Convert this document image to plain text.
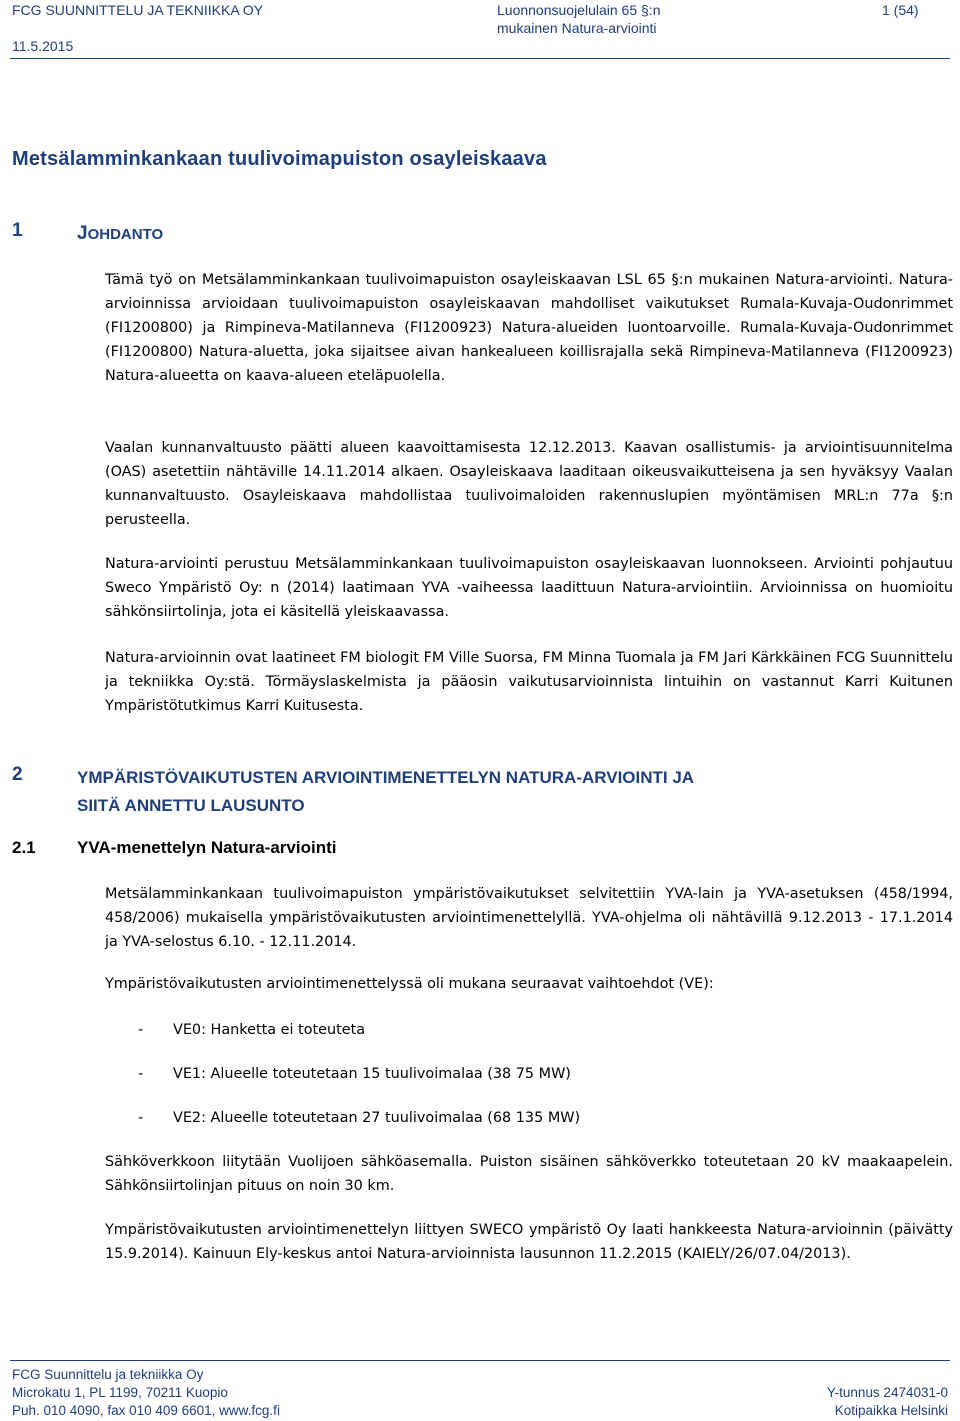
FCG SUUNNITTELU JA TEKNIIKKA OY
11.5.2015
Luonnonsuojelulain 65 §:n
mukainen Natura-arviointi
1 (54)
Metsälamminkankaan tuulivoimapuiston osayleiskaava
1	JOHDANTO
Tämä työ on Metsälamminkankaan tuulivoimapuiston osayleiskaavan LSL 65 §:n mukainen Natura-arviointi. Natura-arvioinnissa arvioidaan tuulivoimapuiston osayleiskaavan mahdolliset vaikutukset Rumala-Kuvaja-Oudonrimmet (FI1200800) ja Rimpineva-Matilanneva (FI1200923) Natura-alueiden luontoarvoille. Rumala-Kuvaja-Oudonrimmet (FI1200800) Natura-aluetta, joka sijaitsee aivan hankealueen koillisrajalla sekä Rimpineva-Matilanneva (FI1200923) Natura-alueetta on kaava-alueen eteläpuolella.
Vaalan kunnanvaltuusto päätti alueen kaavoittamisesta 12.12.2013. Kaavan osallistumis- ja arviointisuunnitelma (OAS) asetettiin nähtäville 14.11.2014 alkaen. Osayleiskaava laaditaan oikeusvaikutteisena ja sen hyväksyy Vaalan kunnanvaltuusto. Osayleiskaava mahdollistaa tuulivoimaloiden rakennuslupien myöntämisen MRL:n 77a §:n perusteella.
Natura-arviointi perustuu Metsälamminkankaan tuulivoimapuiston osayleiskaavan luonnokseen. Arviointi pohjautuu Sweco Ympäristö Oy: n (2014) laatimaan YVA -vaiheessa laadittuun Natura-arviointiin. Arvioinnissa on huomioitu sähkönsiirtolinja, jota ei käsitellä yleiskaavassa.
Natura-arvioinnin ovat laatineet FM biologit FM Ville Suorsa, FM Minna Tuomala ja FM Jari Kärkkäinen FCG Suunnittelu ja tekniikka Oy:stä. Törmäyslaskelmista ja pääosin vaikutusarvioinnista lintuihin on vastannut Karri Kuitunen Ympäristötutkimus Karri Kuitusesta.
2	YMPÄRISTÖVAIKUTUSTEN ARVIOINTIMENETTELYN NATURA-ARVIOINTI JA
SIITÄ ANNETTU LAUSUNTO
2.1 YVA-menettelyn Natura-arviointi
Metsälamminkankaan tuulivoimapuiston ympäristövaikutukset selvitettiin YVA-lain ja YVA-asetuksen (458/1994, 458/2006) mukaisella ympäristövaikutusten arviointimenettelyllä. YVA-ohjelma oli nähtävillä 9.12.2013 - 17.1.2014 ja YVA-selostus 6.10. - 12.11.2014.
Ympäristövaikutusten arviointimenettelyssä oli mukana seuraavat vaihtoehdot (VE):
- VE0: Hanketta ei toteuteta
- VE1: Alueelle toteutetaan 15 tuulivoimalaa (38 75 MW)
- VE2: Alueelle toteutetaan 27 tuulivoimalaa (68 135 MW)
Sähköverkkoon liitytään Vuolijoen sähköasemalla. Puiston sisäinen sähköverkko toteutetaan 20 kV maakaapelein. Sähkönsiirtolinjan pituus on noin 30 km.
Ympäristövaikutusten arviointimenettelyn liittyen SWECO ympäristö Oy laati hankkeesta Natura-arvioinnin (päivätty 15.9.2014). Kainuun Ely-keskus antoi Natura-arvioinnista lausunnon 11.2.2015 (KAIELY/26/07.04/2013).
FCG Suunnittelu ja tekniikka Oy
Microkatu 1, PL 1199, 70211 Kuopio
Puh. 010 4090, fax 010 409 6601, www.fcg.fi
Y-tunnus 2474031-0
Kotipaikka Helsinki
